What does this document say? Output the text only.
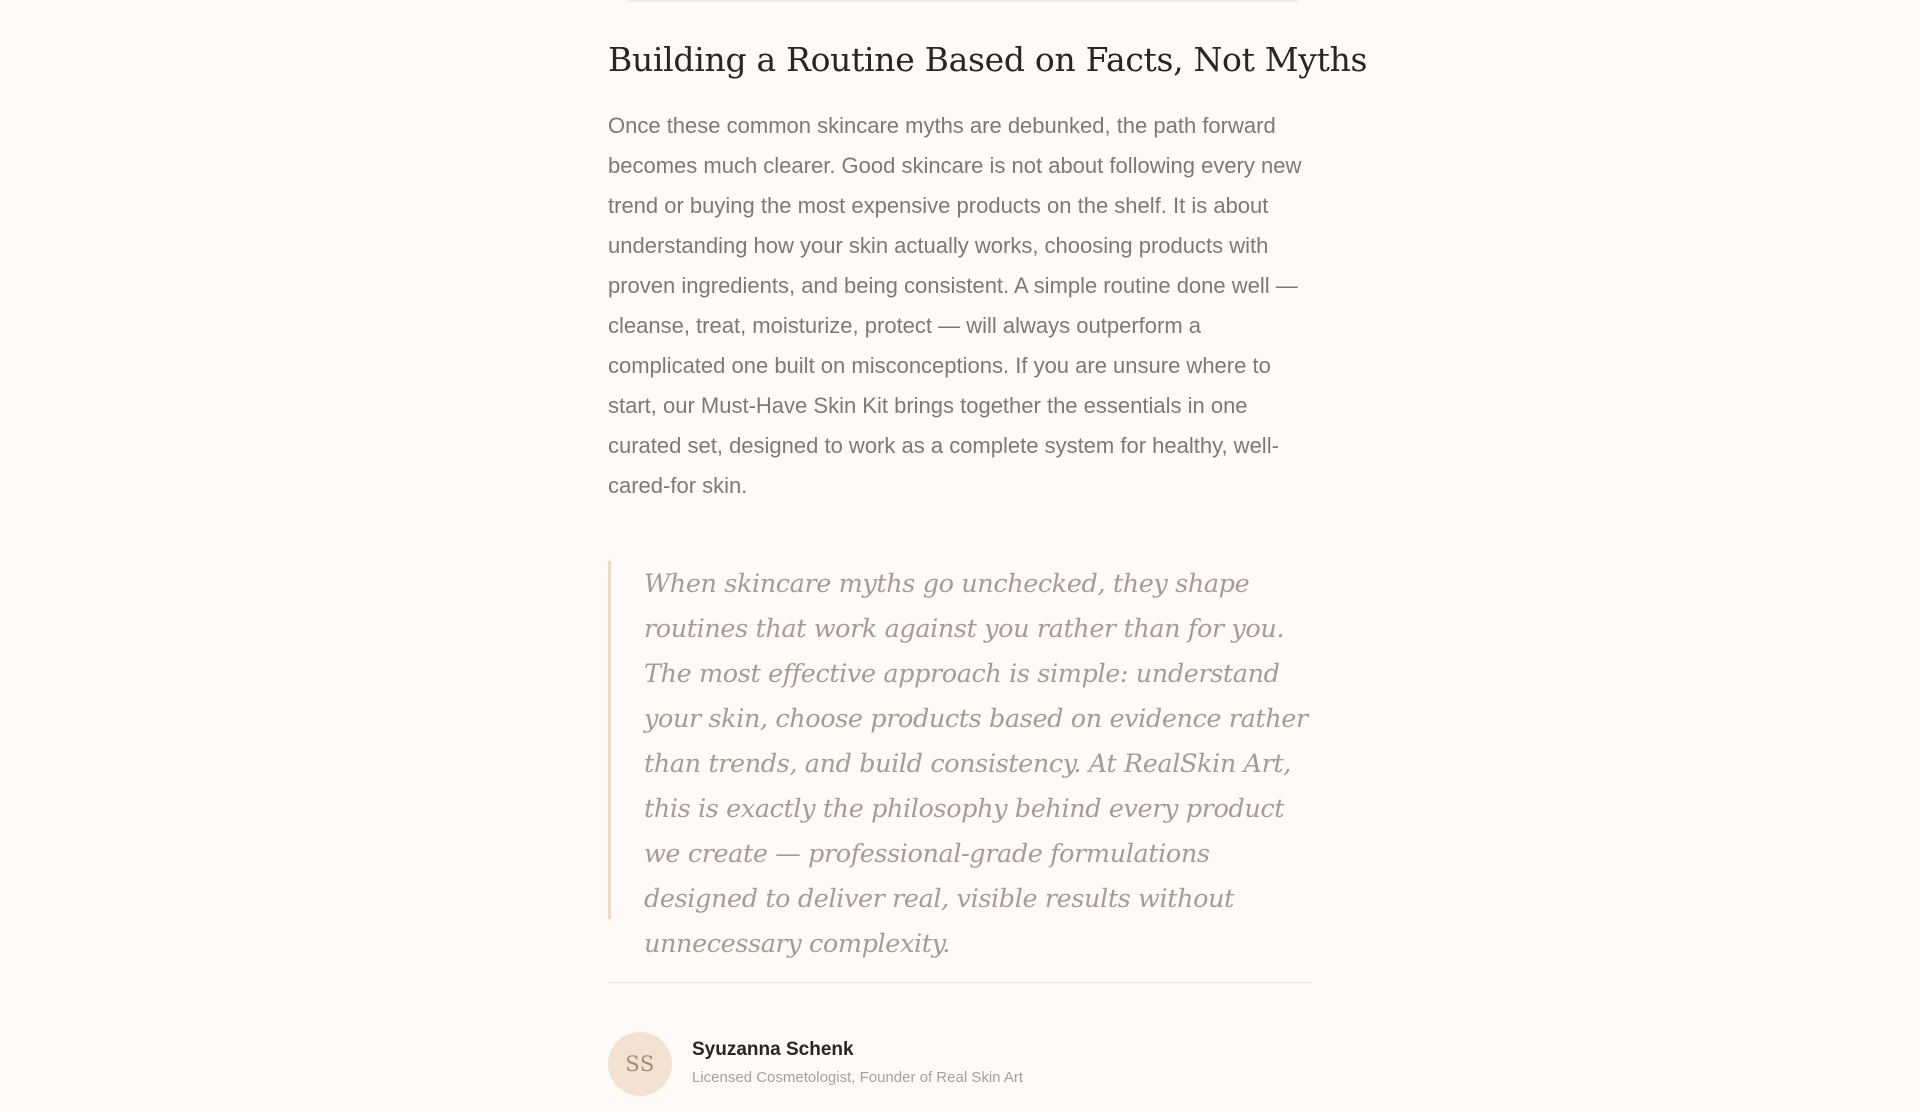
Building a Routine Based on Facts, Not Myths

Once these common skincare myths are debunked, the path forward becomes much clearer. Good skincare is not about following every new trend or buying the most expensive products on the shelf. It is about understanding how your skin actually works, choosing products with proven ingredients, and being consistent. A simple routine done well — cleanse, treat, moisturize, protect — will always outperform a complicated one built on misconceptions. If you are unsure where to start, our Must-Have Skin Kit brings together the essentials in one curated set, designed to work as a complete system for healthy, well-cared-for skin.

When skincare myths go unchecked, they shape routines that work against you rather than for you. The most effective approach is simple: understand your skin, choose products based on evidence rather than trends, and build consistency. At RealSkin Art, this is exactly the philosophy behind every product we create — professional-grade formulations designed to deliver real, visible results without unnecessary complexity.

SS
Syuzanna Schenk
Licensed Cosmetologist, Founder of Real Skin Art
